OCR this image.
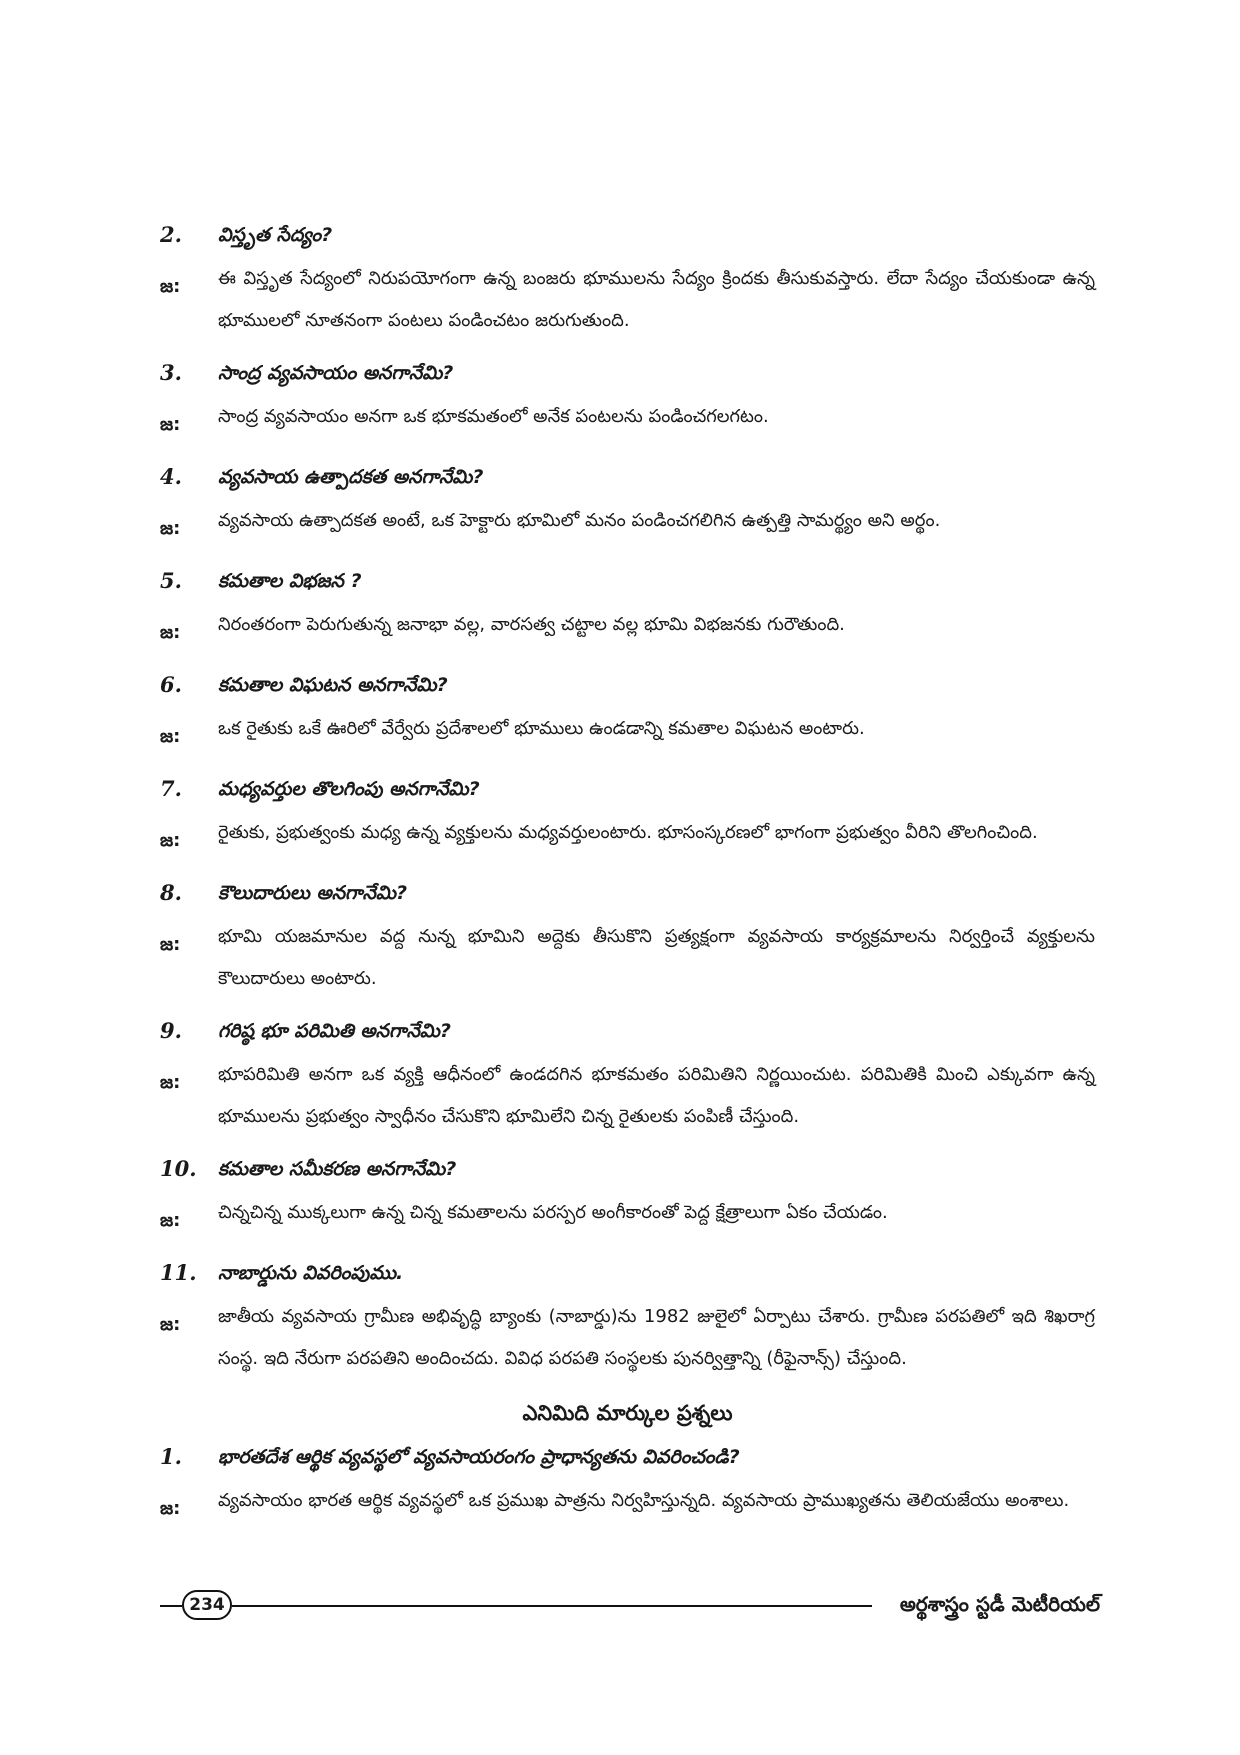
2.	విస్తృత సేద్యం?
జ:	ఈ విస్తృత సేద్యంలో నిరుపయోగంగా ఉన్న బంజరు భూములను సేద్యం క్రిందకు తీసుకువస్తారు. లేదా సేద్యం చేయకుండా ఉన్న భూములలో నూతనంగా పంటలు పండించటం జరుగుతుంది.
3.	సాంద్ర వ్యవసాయం అనగానేమి?
జ:	సాంద్ర వ్యవసాయం అనగా ఒక భూకమతంలో అనేక పంటలను పండించగలగటం.
4.	వ్యవసాయ ఉత్పాదకత అనగానేమి?
జ:	వ్యవసాయ ఉత్పాదకత అంటే, ఒక హెక్టారు భూమిలో మనం పండించగలిగిన ఉత్పత్తి సామర్థ్యం అని అర్థం.
5.	కమతాల విభజన ?
జ:	నిరంతరంగా పెరుగుతున్న జనాభా వల్ల, వారసత్వ చట్టాల వల్ల భూమి విభజనకు గురౌతుంది.
6.	కమతాల విఘటన అనగానేమి?
జ:	ఒక రైతుకు ఒకే ఊరిలో వేర్వేరు ప్రదేశాలలో భూములు ఉండడాన్ని కమతాల విఘటన అంటారు.
7.	మధ్యవర్తుల తొలగింపు అనగానేమి?
జ:	రైతుకు, ప్రభుత్వంకు మధ్య ఉన్న వ్యక్తులను మధ్యవర్తులంటారు. భూసంస్కరణలో భాగంగా ప్రభుత్వం వీరిని తొలగించింది.
8.	కౌలుదారులు అనగానేమి?
జ:	భూమి యజమానుల వద్ద నున్న భూమిని అద్దెకు తీసుకొని ప్రత్యక్షంగా వ్యవసాయ కార్యక్రమాలను నిర్వర్తించే వ్యక్తులను కౌలుదారులు అంటారు.
9.	గరిష్ఠ భూ పరిమితి అనగానేమి?
జ:	భూపరిమితి అనగా ఒక వ్యక్తి ఆధీనంలో ఉండదగిన భూకమతం పరిమితిని నిర్ణయించుట. పరిమితికి మించి ఎక్కువగా ఉన్న భూములను ప్రభుత్వం స్వాధీనం చేసుకొని భూమిలేని చిన్న రైతులకు పంపిణీ చేస్తుంది.
10.	కమతాల సమీకరణ అనగానేమి?
జ:	చిన్నచిన్న ముక్కలుగా ఉన్న చిన్న కమతాలను పరస్పర అంగీకారంతో పెద్ద క్షేత్రాలుగా ఏకం చేయడం.
11.	నాబార్డును వివరింపుము.
జ:	జాతీయ వ్యవసాయ గ్రామీణ అభివృద్ధి బ్యాంకు (నాబార్డు)ను 1982 జులైలో ఏర్పాటు చేశారు. గ్రామీణ పరపతిలో ఇది శిఖరాగ్ర సంస్థ. ఇది నేరుగా పరపతిని అందించదు. వివిధ పరపతి సంస్థలకు పునర్విత్తాన్ని (రీఫైనాన్స్) చేస్తుంది.
ఎనిమిది మార్కుల ప్రశ్నలు
1.	భారతదేశ ఆర్థిక వ్యవస్థలో వ్యవసాయరంగం ప్రాధాన్యతను వివరించండి?
జ:	వ్యవసాయం భారత ఆర్థిక వ్యవస్థలో ఒక ప్రముఖ పాత్రను నిర్వహిస్తున్నది. వ్యవసాయ ప్రాముఖ్యతను తెలియజేయు అంశాలు.
234	అర్థశాస్త్రం స్టడీ మెటీరియల్
